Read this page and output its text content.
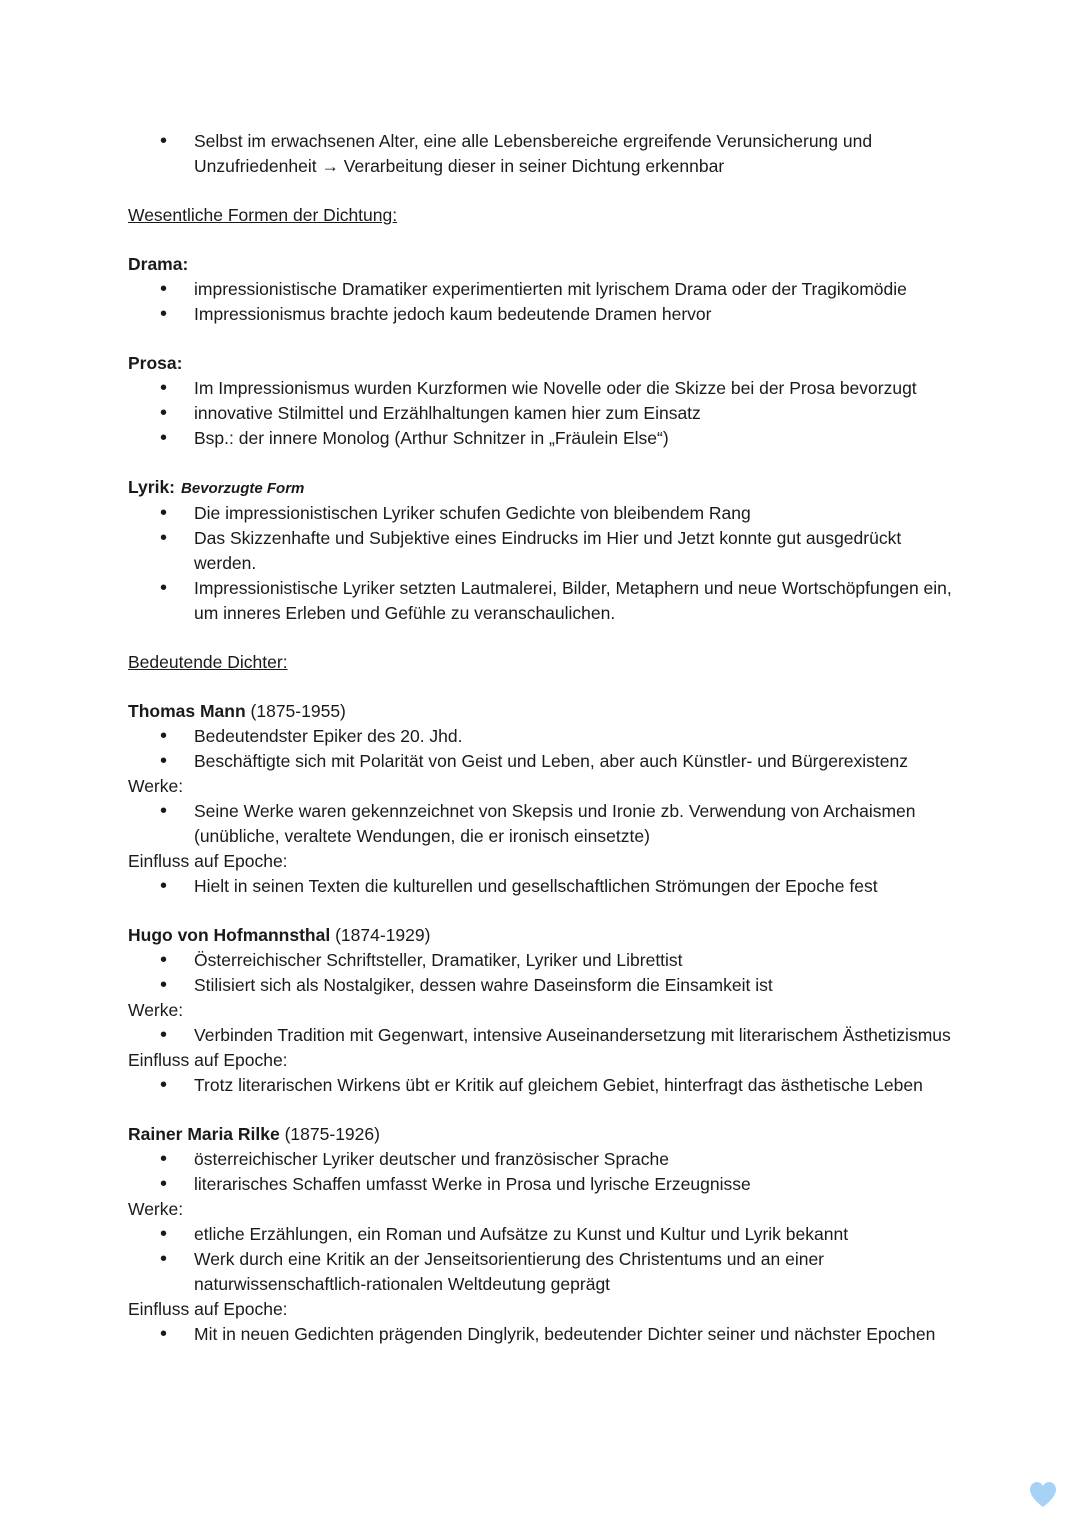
• Selbst im erwachsenen Alter, eine alle Lebensbereiche ergreifende Verunsicherung und Unzufriedenheit → Verarbeitung dieser in seiner Dichtung erkennbar
Wesentliche Formen der Dichtung:
Drama:
• impressionistische Dramatiker experimentierten mit lyrischem Drama oder der Tragikomödie
• Impressionismus brachte jedoch kaum bedeutende Dramen hervor
Prosa:
• Im Impressionismus wurden Kurzformen wie Novelle oder die Skizze bei der Prosa bevorzugt
• innovative Stilmittel und Erzählhaltungen kamen hier zum Einsatz
• Bsp.: der innere Monolog (Arthur Schnitzer in „Fräulein Else“)
Lyrik: Bevorzugte Form
• Die impressionistischen Lyriker schufen Gedichte von bleibendem Rang
• Das Skizzenhafte und Subjektive eines Eindrucks im Hier und Jetzt konnte gut ausgedrückt werden.
• Impressionistische Lyriker setzten Lautmalerei, Bilder, Metaphern und neue Wortschöpfungen ein, um inneres Erleben und Gefühle zu veranschaulichen.
Bedeutende Dichter:
Thomas Mann (1875-1955)
• Bedeutendster Epiker des 20. Jhd.
• Beschäftigte sich mit Polarität von Geist und Leben, aber auch Künstler- und Bürgerexistenz
Werke:
• Seine Werke waren gekennzeichnet von Skepsis und Ironie zb. Verwendung von Archaismen (unübliche, veraltete Wendungen, die er ironisch einsetzte)
Einfluss auf Epoche:
• Hielt in seinen Texten die kulturellen und gesellschaftlichen Strömungen der Epoche fest
Hugo von Hofmannsthal (1874-1929)
• Österreichischer Schriftsteller, Dramatiker, Lyriker und Librettist
• Stilisiert sich als Nostalgiker, dessen wahre Daseinsform die Einsamkeit ist
Werke:
• Verbinden Tradition mit Gegenwart, intensive Auseinandersetzung mit literarischem Ästhetizismus
Einfluss auf Epoche:
• Trotz literarischen Wirkens übt er Kritik auf gleichem Gebiet, hinterfragt das ästhetische Leben
Rainer Maria Rilke (1875-1926)
• österreichischer Lyriker deutscher und französischer Sprache
• literarisches Schaffen umfasst Werke in Prosa und lyrische Erzeugnisse
Werke:
• etliche Erzählungen, ein Roman und Aufsätze zu Kunst und Kultur und Lyrik bekannt
• Werk durch eine Kritik an der Jenseitsorientierung des Christentums und an einer naturwissenschaftlich-rationalen Weltdeutung geprägt
Einfluss auf Epoche:
• Mit in neuen Gedichten prägenden Dinglyrik, bedeutender Dichter seiner und nächster Epochen
